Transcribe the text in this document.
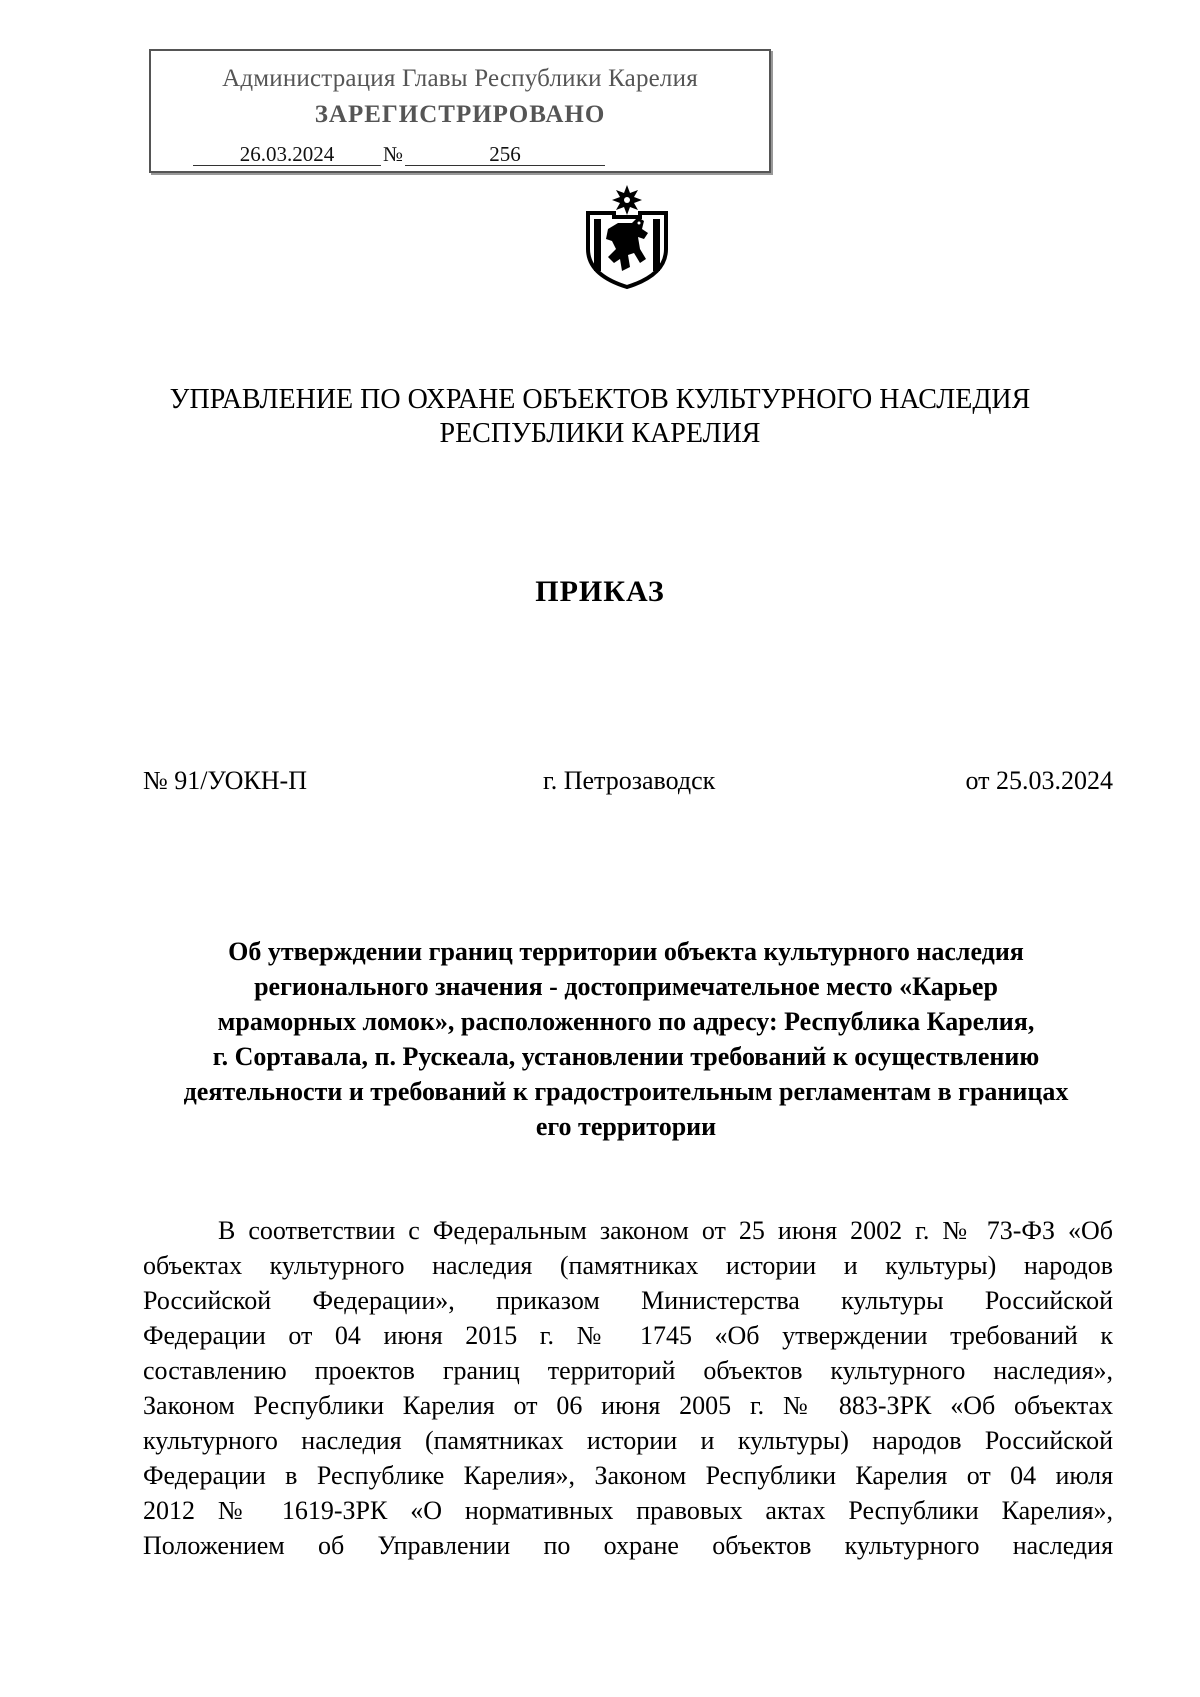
Администрация Главы Республики Карелия
ЗАРЕГИСТРИРОВАНО
26.03.2024 №	256
УПРАВЛЕНИЕ ПО ОХРАНЕ ОБЪЕКТОВ КУЛЬТУРНОГО НАСЛЕДИЯ
РЕСПУБЛИКИ КАРЕЛИЯ
ПРИКАЗ
№ 91/УОКН-П	г. Петрозаводск	от 25.03.2024
Об утверждении границ территории объекта культурного наследия
регионального значения - достопримечательное место «Карьер
мраморных ломок», расположенного по адресу: Республика Карелия,
г. Сортавала, п. Рускеала, установлении требований к осуществлению
деятельности и требований к градостроительным регламентам в границах
его территории
В соответствии с Федеральным законом от 25 июня 2002 г. № 73-ФЗ «Об
объектах культурного наследия (памятниках истории и культуры) народов
Российской Федерации», приказом Министерства культуры Российской
Федерации от 04 июня 2015 г. № 1745 «Об утверждении требований к
составлению проектов границ территорий объектов культурного наследия»,
Законом Республики Карелия от 06 июня 2005 г. № 883-ЗРК «Об объектах
культурного наследия (памятниках истории и культуры) народов Российской
Федерации в Республике Карелия», Законом Республики Карелия от 04 июля
2012 № 1619-ЗРК «О нормативных правовых актах Республики Карелия»,
Положением об Управлении по охране объектов культурного наследия
